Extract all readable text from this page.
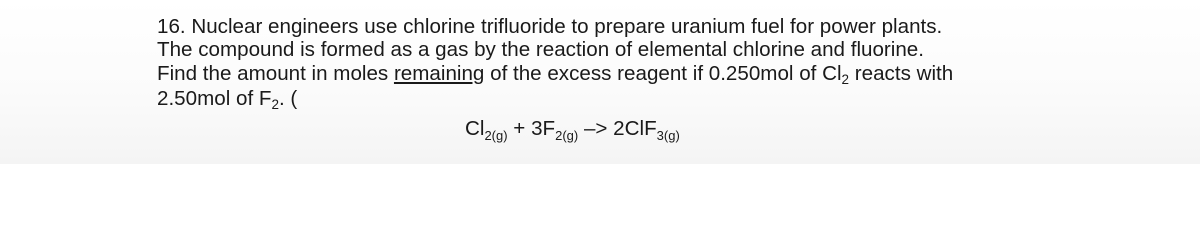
16. Nuclear engineers use chlorine trifluoride to prepare uranium fuel for power plants.
The compound is formed as a gas by the reaction of elemental chlorine and fluorine.
Find the amount in moles remaining of the excess reagent if 0.250mol of Cl2 reacts with
2.50mol of F2. (
$Cl_{2(g)} + 3F_{2(g)} -> 2ClF_{3(g)}$
